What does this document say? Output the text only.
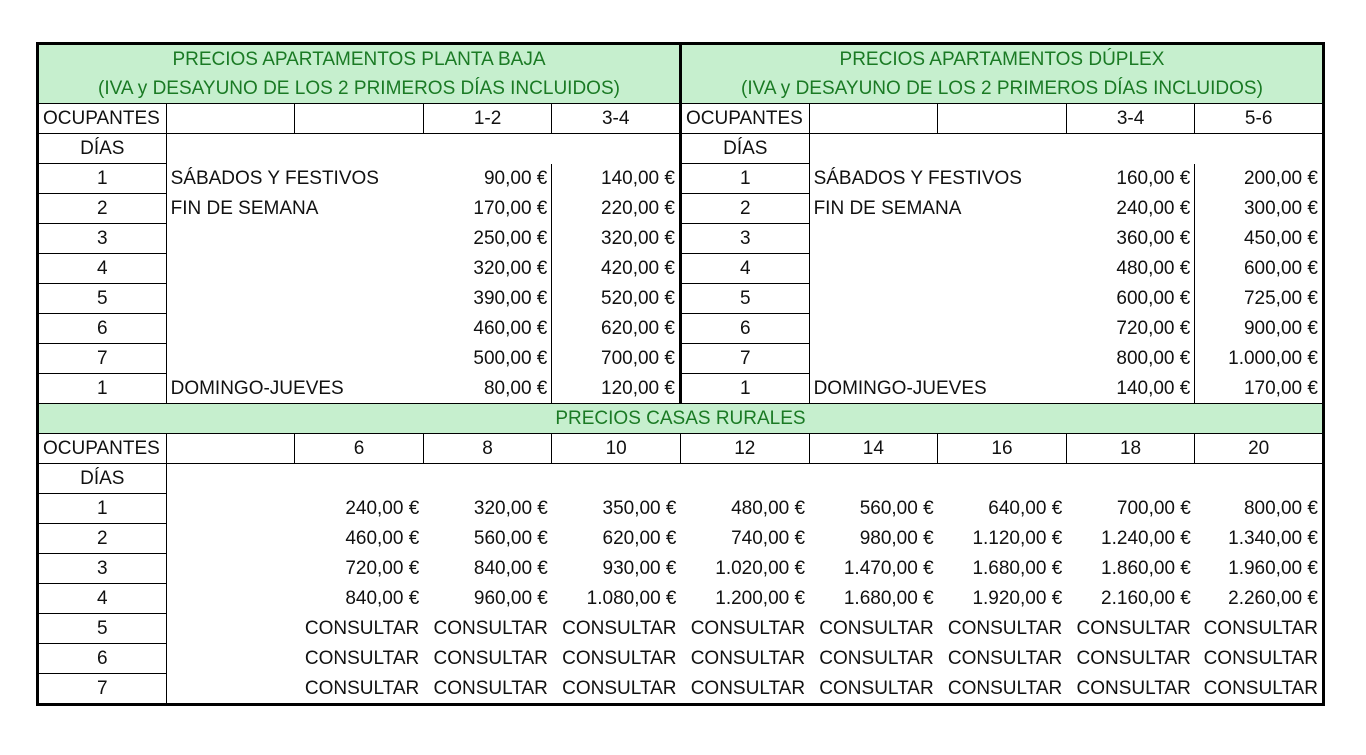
PRECIOS APARTAMENTOS PLANTA BAJA					PRECIOS APARTAMENTOS DÚPLEX				
(IVA y DESAYUNO DE LOS 2 PRIMEROS DÍAS INCLUIDOS)					(IVA y DESAYUNO DE LOS 2 PRIMEROS DÍAS INCLUIDOS)				
OCUPANTES			1-2	3-4	OCUPANTES			3-4	5-6
DÍAS					DÍAS				
1	SÁBADOS Y FESTIVOS		90,00 €	140,00 €	1	SÁBADOS Y FESTIVOS		160,00 €	200,00 €
2	FIN DE SEMANA		170,00 €	220,00 €	2	FIN DE SEMANA		240,00 €	300,00 €
3			250,00 €	320,00 €	3			360,00 €	450,00 €
4			320,00 €	420,00 €	4			480,00 €	600,00 €
5			390,00 €	520,00 €	5			600,00 €	725,00 €
6			460,00 €	620,00 €	6			720,00 €	900,00 €
7			500,00 €	700,00 €	7			800,00 €	1.000,00 €
1	DOMINGO-JUEVES		80,00 €	120,00 €	1	DOMINGO-JUEVES		140,00 €	170,00 €
PRECIOS CASAS RURALES									
OCUPANTES		6	8	10	12	14	16	18	20
DÍAS									
1		240,00 €	320,00 €	350,00 €	480,00 €	560,00 €	640,00 €	700,00 €	800,00 €
2		460,00 €	560,00 €	620,00 €	740,00 €	980,00 €	1.120,00 €	1.240,00 €	1.340,00 €
3		720,00 €	840,00 €	930,00 €	1.020,00 €	1.470,00 €	1.680,00 €	1.860,00 €	1.960,00 €
4		840,00 €	960,00 €	1.080,00 €	1.200,00 €	1.680,00 €	1.920,00 €	2.160,00 €	2.260,00 €
5		CONSULTAR	CONSULTAR	CONSULTAR	CONSULTAR	CONSULTAR	CONSULTAR	CONSULTAR	CONSULTAR
6		CONSULTAR	CONSULTAR	CONSULTAR	CONSULTAR	CONSULTAR	CONSULTAR	CONSULTAR	CONSULTAR
7		CONSULTAR	CONSULTAR	CONSULTAR	CONSULTAR	CONSULTAR	CONSULTAR	CONSULTAR	CONSULTAR
